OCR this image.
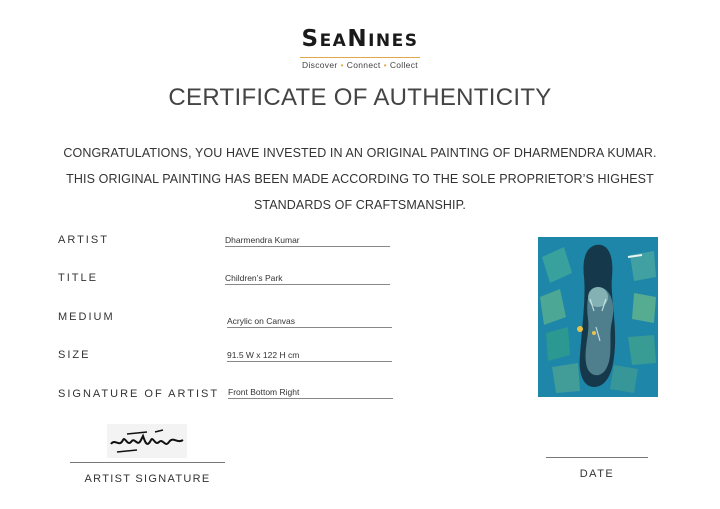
SEANINES
Discover • Connect • Collect
CERTIFICATE OF AUTHENTICITY
CONGRATULATIONS, YOU HAVE INVESTED IN AN ORIGINAL PAINTING OF DHARMENDRA KUMAR.
THIS ORIGINAL PAINTING HAS BEEN MADE ACCORDING TO THE SOLE PROPRIETOR’S HIGHEST
STANDARDS OF CRAFTSMANSHIP.
ARTIST
TITLE
MEDIUM
SIZE
SIGNATURE OF ARTIST
Dharmendra Kumar
Children’s Park
Acrylic on Canvas
91.5 W x 122 H cm
Front Bottom Right
ARTIST SIGNATURE	DATE
